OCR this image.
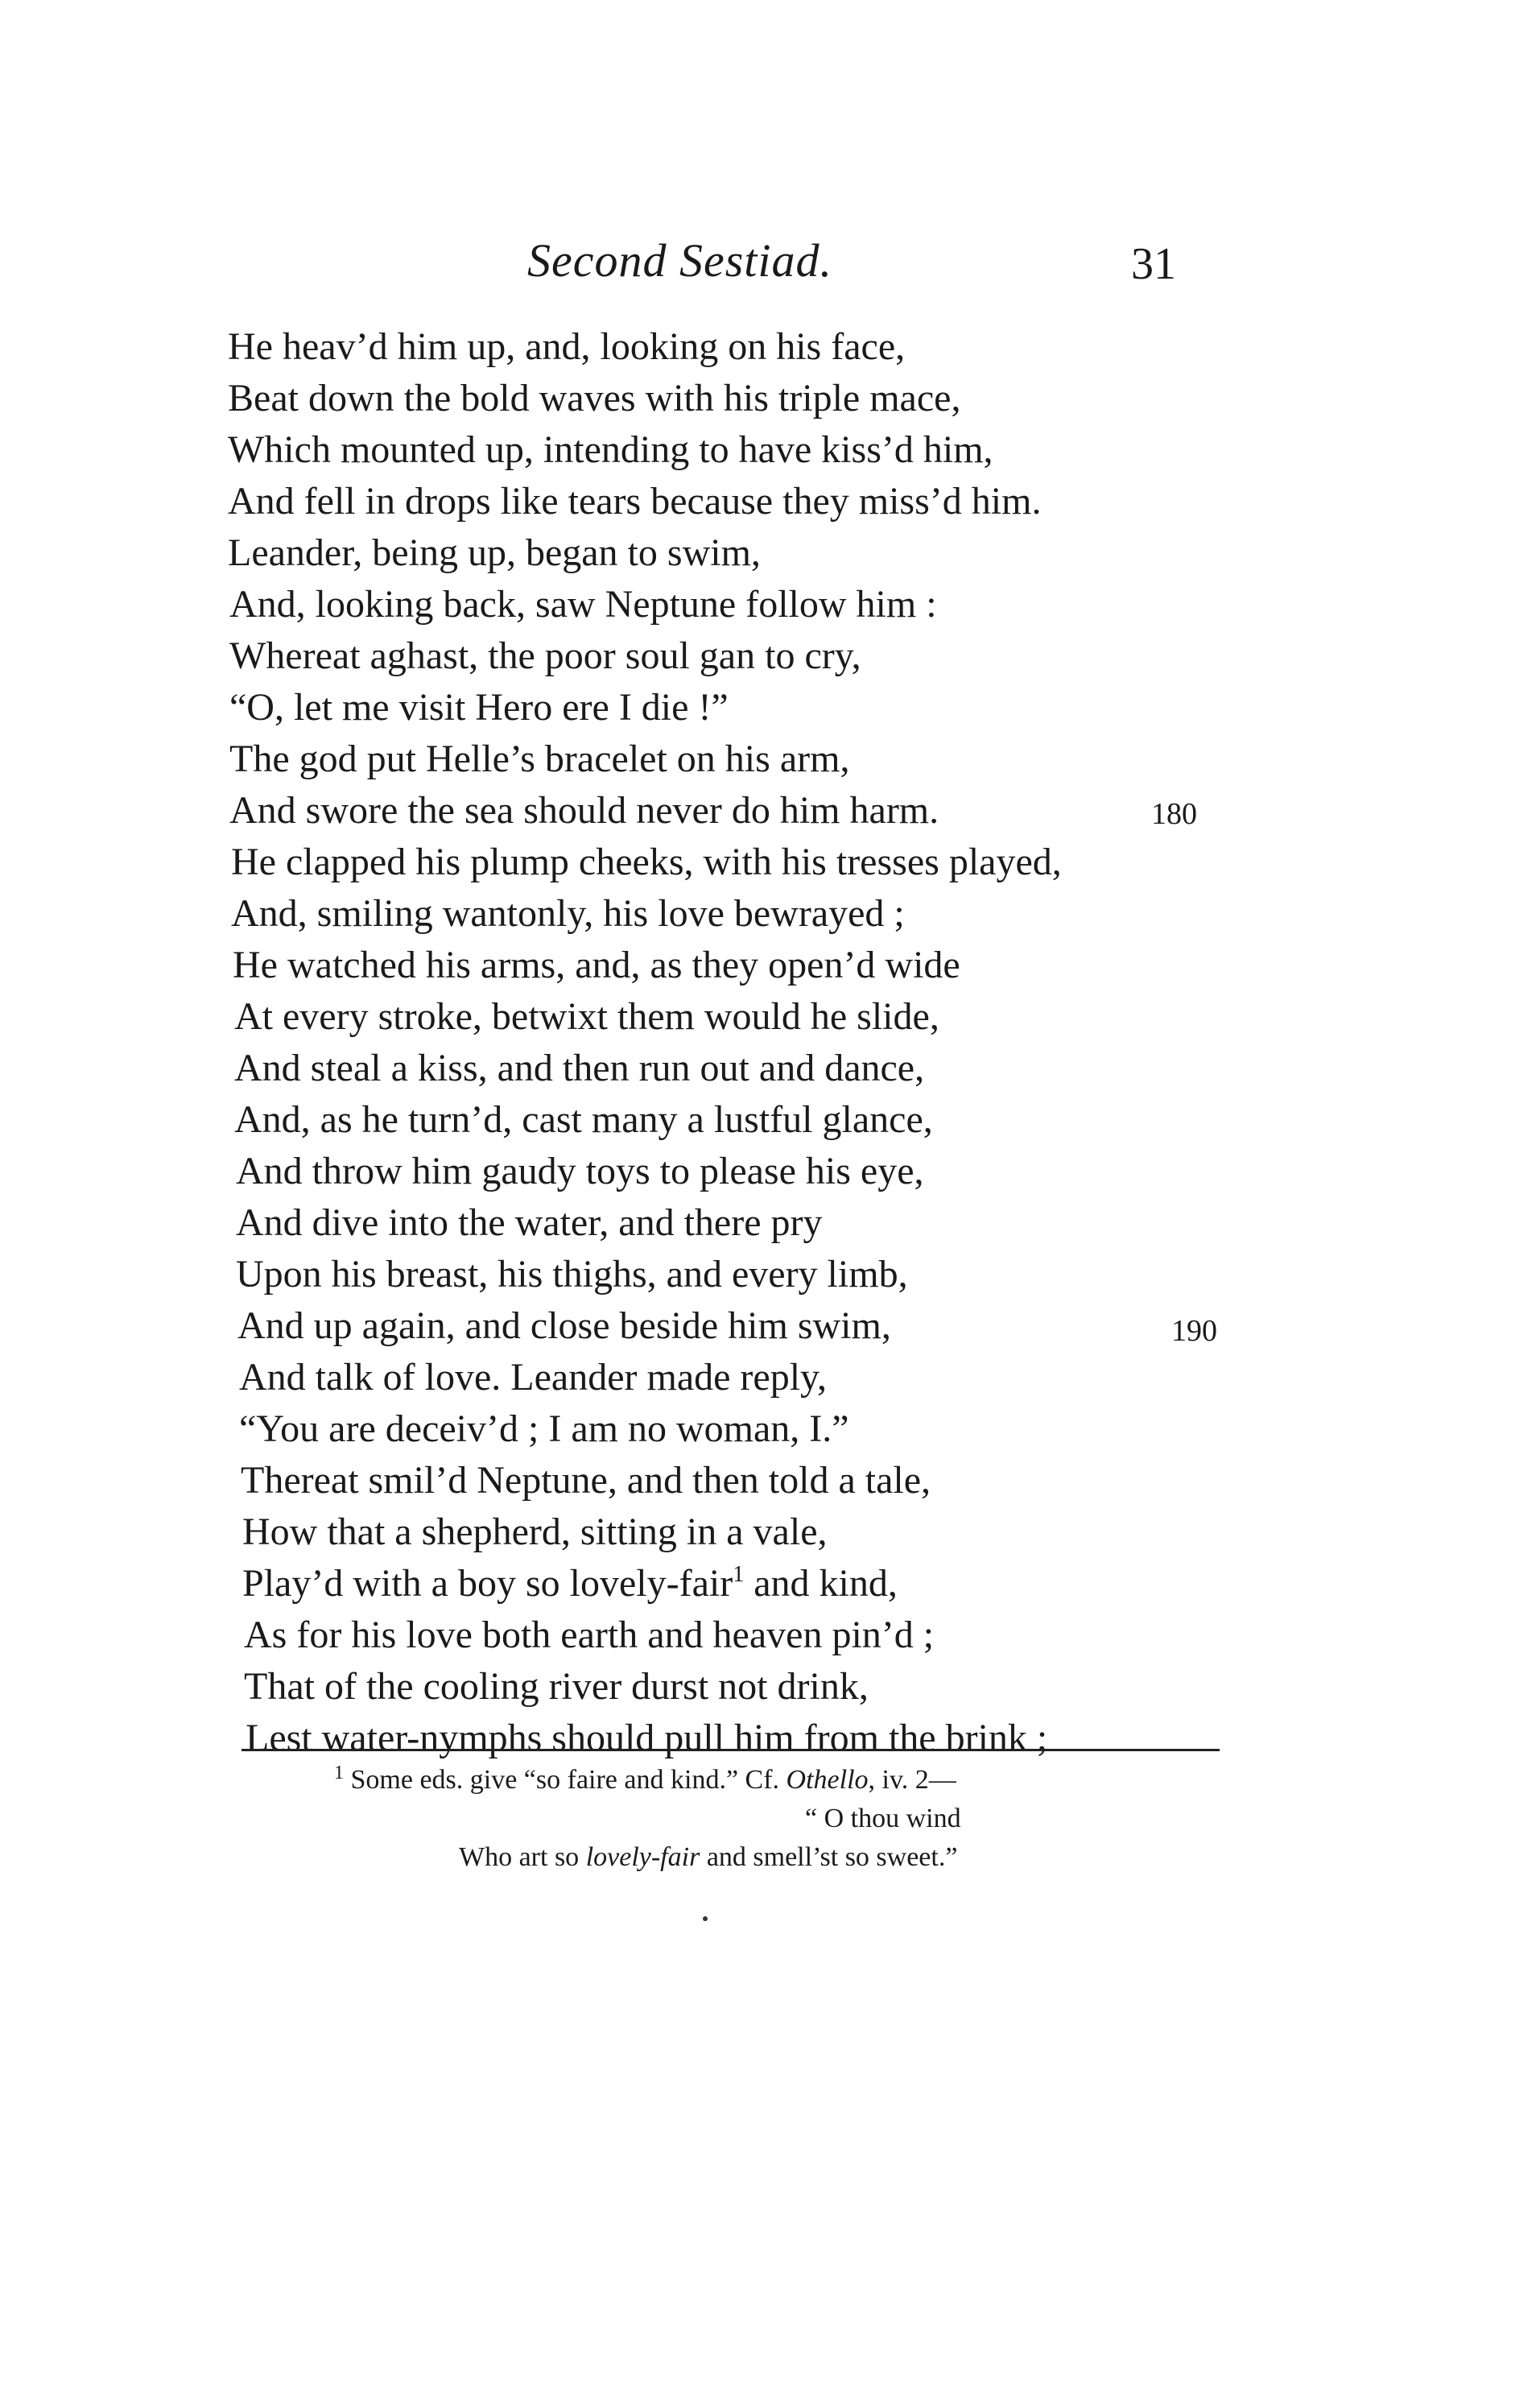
Second Sestiad.	31
He heav’d him up, and, looking on his face,
Beat down the bold waves with his triple mace,
Which mounted up, intending to have kiss’d him,
And fell in drops like tears because they miss’d him.
Leander, being up, began to swim,
And, looking back, saw Neptune follow him :
Whereat aghast, the poor soul gan to cry,
“O, let me visit Hero ere I die !”
The god put Helle’s bracelet on his arm,
And swore the sea should never do him harm.	180
He clapped his plump cheeks, with his tresses played,
And, smiling wantonly, his love bewrayed ;
He watched his arms, and, as they open’d wide
At every stroke, betwixt them would he slide,
And steal a kiss, and then run out and dance,
And, as he turn’d, cast many a lustful glance,
And throw him gaudy toys to please his eye,
And dive into the water, and there pry
Upon his breast, his thighs, and every limb,
And up again, and close beside him swim,	190
And talk of love. Leander made reply,
“You are deceiv’d ; I am no woman, I.”
Thereat smil’d Neptune, and then told a tale,
How that a shepherd, sitting in a vale,
Play’d with a boy so lovely-fair$^1$ and kind,
As for his love both earth and heaven pin’d ;
That of the cooling river durst not drink,
Lest water-nymphs should pull him from the brink ;
$^1$ Some eds. give “so faire and kind.” Cf. Othello, iv. 2—
“ O thou wind
Who art so lovely-fair and smell’st so sweet.”
